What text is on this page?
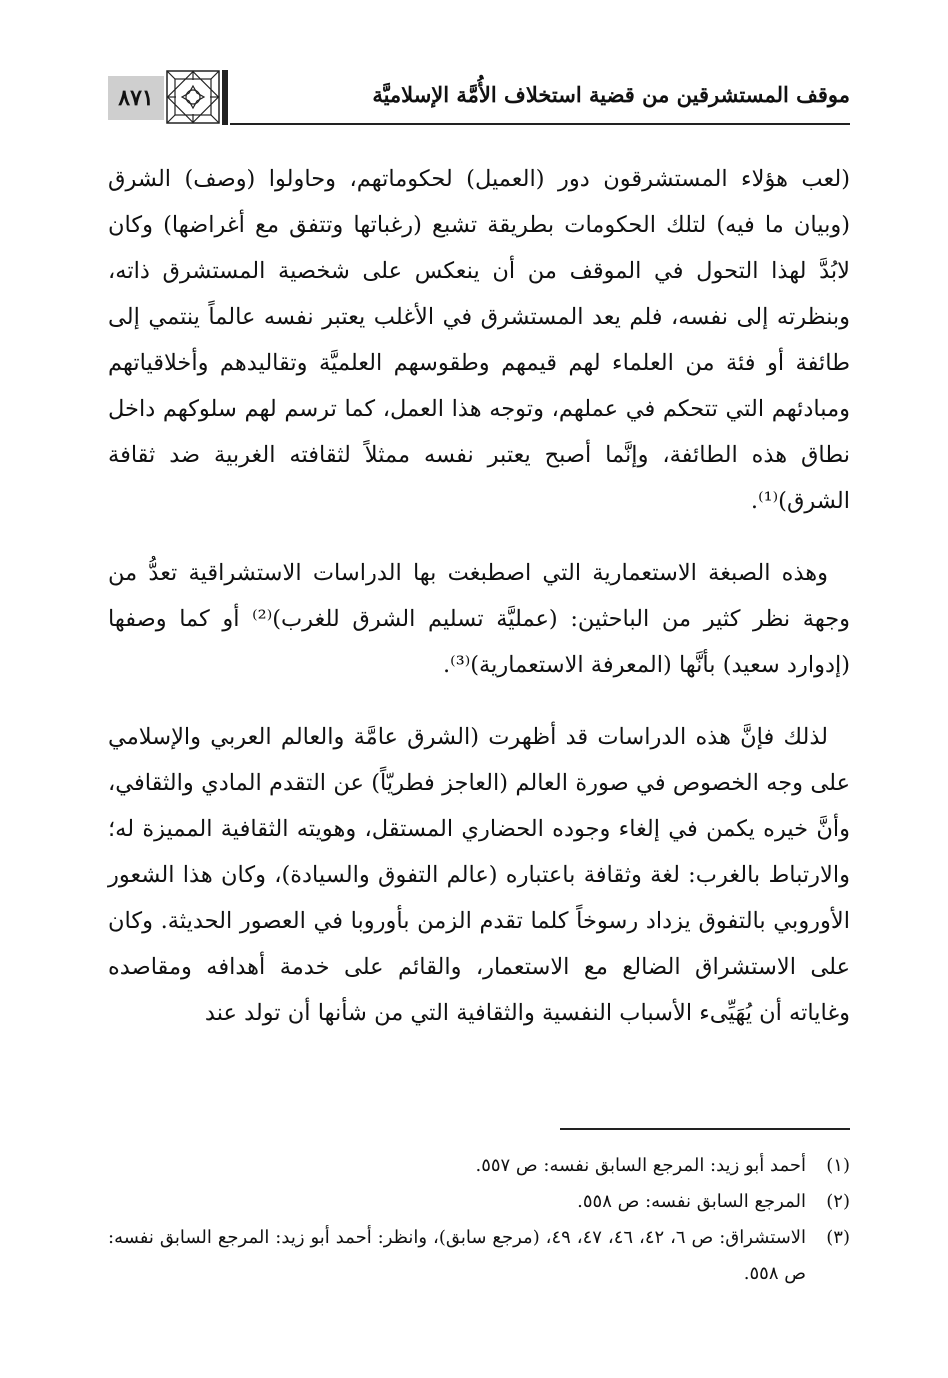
٨٧١	موقف المستشرقين من قضية استخلاف الأُمَّة الإسلاميَّة

(لعب هؤلاء المستشرقون دور (العميل) لحكوماتهم، وحاولوا (وصف) الشرق (وبيان ما فيه) لتلك الحكومات بطريقة تشبع (رغباتها وتتفق مع أغراضها) وكان لابُدَّ لهذا التحول في الموقف من أن ينعكس على شخصية المستشرق ذاته، وبنظرته إلى نفسه، فلم يعد المستشرق في الأغلب يعتبر نفسه عالماً ينتمي إلى طائفة أو فئة من العلماء لهم قيمهم وطقوسهم العلميَّة وتقاليدهم وأخلاقياتهم ومبادئهم التي تتحكم في عملهم، وتوجه هذا العمل، كما ترسم لهم سلوكهم داخل نطاق هذه الطائفة، وإنَّما أصبح يعتبر نفسه ممثلاً لثقافته الغربية ضد ثقافة الشرق)⁽¹⁾.

وهذه الصبغة الاستعمارية التي اصطبغت بها الدراسات الاستشراقية تعدُّ من وجهة نظر كثير من الباحثين: (عمليَّة تسليم الشرق للغرب)⁽²⁾ أو كما وصفها (إدوارد سعيد) بأنَّها (المعرفة الاستعمارية)⁽³⁾.

لذلك فإنَّ هذه الدراسات قد أظهرت (الشرق عامَّة والعالم العربي والإسلامي على وجه الخصوص في صورة العالم (العاجز فطريّاً) عن التقدم المادي والثقافي، وأنَّ خيره يكمن في إلغاء وجوده الحضاري المستقل، وهويته الثقافية المميزة له؛ والارتباط بالغرب: لغة وثقافة باعتباره (عالم التفوق والسيادة)، وكان هذا الشعور الأوروبي بالتفوق يزداد رسوخاً كلما تقدم الزمن بأوروبا في العصور الحديثة. وكان على الاستشراق الضالع مع الاستعمار، والقائم على خدمة أهدافه ومقاصده وغاياته أن يُهَيِّىء الأسباب النفسية والثقافية التي من شأنها أن تولد عند

(١)
أحمد أبو زيد: المرجع السابق نفسه: ص ٥٥٧.
(٢)
المرجع السابق نفسه: ص ٥٥٨.
(٣)
الاستشراق: ص ٦، ٤٢، ٤٦، ٤٧، ٤٩، (مرجع سابق)، وانظر: أحمد أبو زيد: المرجع السابق نفسه: ص ٥٥٨.
